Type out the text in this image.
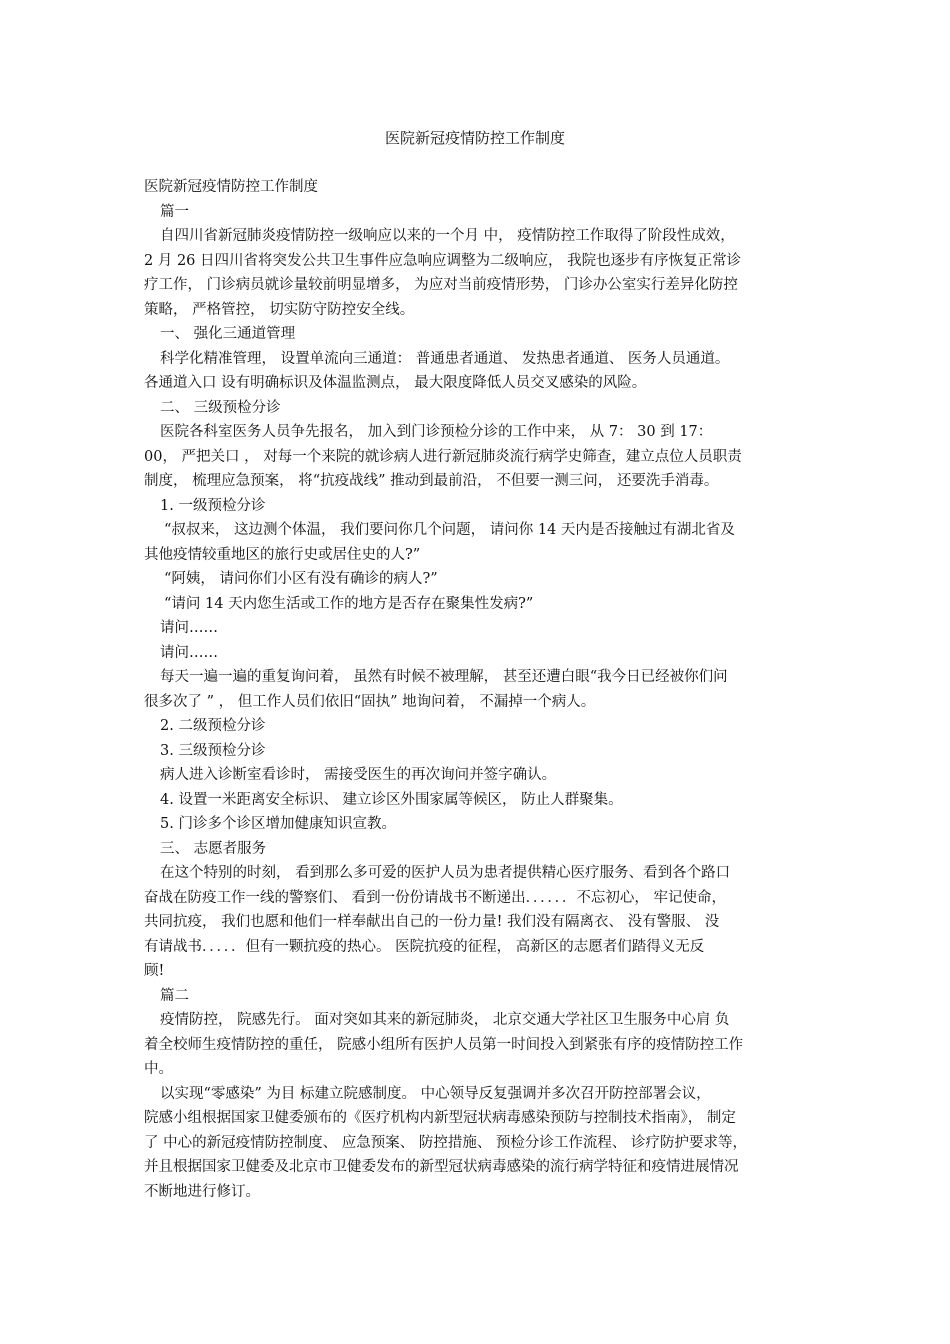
医院新冠疫情防控工作制度

医院新冠疫情防控工作制度

篇一

自四川省新冠肺炎疫情防控一级响应以来的一个月 中， 疫情防控工作取得了阶段性成效，

2 月 26 日四川省将突发公共卫生事件应急响应调整为二级响应， 我院也逐步有序恢复正常诊

疗工作， 门诊病员就诊量较前明显增多， 为应对当前疫情形势， 门诊办公室实行差异化防控

策略， 严格管控， 切实防守防控安全线。

一、 强化三通道管理

科学化精准管理， 设置单流向三通道： 普通患者通道、 发热患者通道、 医务人员通道。

各通道入口 设有明确标识及体温监测点， 最大限度降低人员交叉感染的风险。

二、 三级预检分诊

医院各科室医务人员争先报名， 加入到门诊预检分诊的工作中来， 从 7： 30 到 17：

00， 严把关口 ， 对每一个来院的就诊病人进行新冠肺炎流行病学史筛查，建立点位人员职责

制度， 梳理应急预案， 将“抗疫战线” 推动到最前沿， 不但要一测三问， 还要洗手消毒。

1. 一级预检分诊

“叔叔来， 这边测个体温， 我们要问你几个问题， 请问你 14 天内是否接触过有湖北省及

其他疫情较重地区的旅行史或居住史的人?”

“阿姨， 请问你们小区有没有确诊的病人?”

“请问 14 天内您生活或工作的地方是否存在聚集性发病?”

请问……

请问……

每天一遍一遍的重复询问着， 虽然有时候不被理解， 甚至还遭白眼“我今日已经被你们问

很多次了 ” ， 但工作人员们依旧“固执” 地询问着， 不漏掉一个病人。

2. 二级预检分诊

3. 三级预检分诊

病人进入诊断室看诊时， 需接受医生的再次询问并签字确认。

4. 设置一米距离安全标识、 建立诊区外围家属等候区， 防止人群聚集。

5. 门诊多个诊区增加健康知识宣教。

三、 志愿者服务

在这个特别的时刻， 看到那么多可爱的医护人员为患者提供精心医疗服务、看到各个路口

奋战在防疫工作一线的警察们、 看到一份份请战书不断递出．．．．．．不忘初心， 牢记使命，

共同抗疫， 我们也愿和他们一样奉献出自己的一份力量! 我们没有隔离衣、 没有警服、 没

有请战书．．．．．但有一颗抗疫的热心。 医院抗疫的征程， 高新区的志愿者们踏得义无反

顾!

篇二

疫情防控， 院感先行。 面对突如其来的新冠肺炎， 北京交通大学社区卫生服务中心肩 负

着全校师生疫情防控的重任， 院感小组所有医护人员第一时间投入到紧张有序的疫情防控工作

中。

以实现“零感染” 为目 标建立院感制度。 中心领导反复强调并多次召开防控部署会议，

院感小组根据国家卫健委颁布的《医疗机构内新型冠状病毒感染预防与控制技术指南》， 制定

了 中心的新冠疫情防控制度、 应急预案、 防控措施、 预检分诊工作流程、 诊疗防护要求等，

并且根据国家卫健委及北京市卫健委发布的新型冠状病毒感染的流行病学特征和疫情进展情况

不断地进行修订。
